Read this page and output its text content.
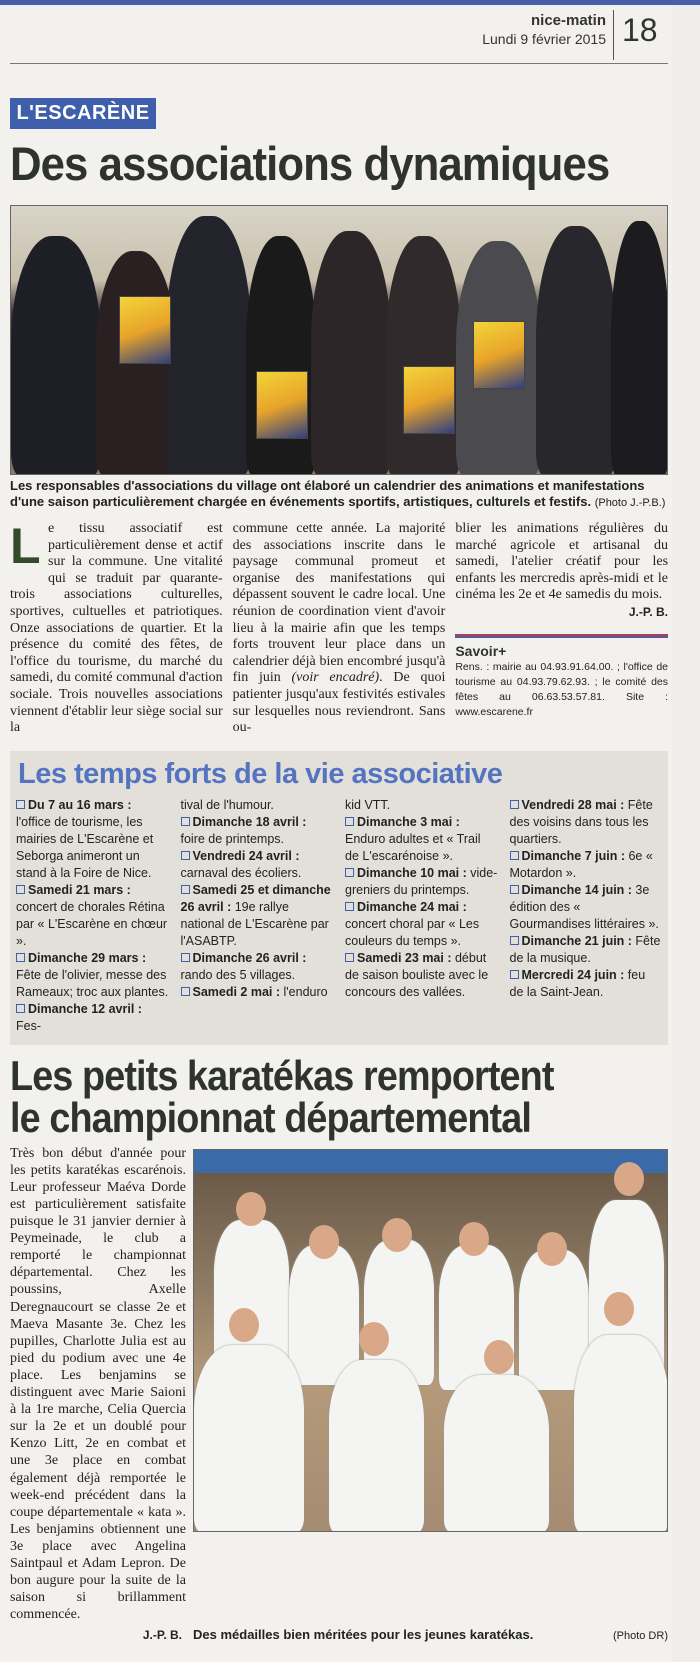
nice-matin
Lundi 9 février 2015 18
L'ESCARÈNE
Des associations dynamiques
Les responsables d'associations du village ont élaboré un calendrier des animations et manifestations d'une saison particulièrement chargée en événements sportifs, artistiques, culturels et festifs. (Photo J.-P.B.)
Le tissu associatif est particulièrement dense et actif sur la commune. Une vitalité qui se traduit par quarante-trois associations culturelles, sportives, cultuelles et patriotiques. Onze associations de quartier. Et la présence du comité des fêtes, de l'office du tourisme, du marché du samedi, du comité communal d'action sociale. Trois nouvelles associations viennent d'établir leur siège social sur la
commune cette année. La majorité des associations inscrite dans le paysage communal promeut et organise des manifestations qui dépassent souvent le cadre local. Une réunion de coordination vient d'avoir lieu à la mairie afin que les temps forts trouvent leur place dans un calendrier déjà bien encombré jusqu'à fin juin (voir encadré). De quoi patienter jusqu'aux festivités estivales sur lesquelles nous reviendront. Sans ou-
blier les animations régulières du marché agricole et artisanal du samedi, l'atelier créatif pour les enfants les mercredis après-midi et le cinéma les 2e et 4e samedis du mois.
J.-P. B.
Savoir+
Rens. : mairie au 04.93.91.64.00. ; l'office de tourisme au 04.93.79.62.93. ; le comité des fêtes au 06.63.53.57.81. Site : www.escarene.fr
Les temps forts de la vie associative
Du 7 au 16 mars : l'office de tourisme, les mairies de L'Escarène et Seborga animeront un stand à la Foire de Nice.
Samedi 21 mars : concert de chorales Rétina par « L'Escarène en chœur ».
Dimanche 29 mars : Fête de l'olivier, messe des Rameaux; troc aux plantes.
Dimanche 12 avril : Fes-
tival de l'humour.
Dimanche 18 avril : foire de printemps.
Vendredi 24 avril : carnaval des écoliers.
Samedi 25 et dimanche 26 avril : 19e rallye national de L'Escarène par l'ASABTP.
Dimanche 26 avril : rando des 5 villages.
Samedi 2 mai : l'enduro
kid VTT.
Dimanche 3 mai : Enduro adultes et « Trail de L'escarénoise ».
Dimanche 10 mai : vide-greniers du printemps.
Dimanche 24 mai : concert choral par « Les couleurs du temps ».
Samedi 23 mai : début de saison bouliste avec le concours des vallées.
Vendredi 28 mai : Fête des voisins dans tous les quartiers.
Dimanche 7 juin : 6e « Motardon ».
Dimanche 14 juin : 3e édition des « Gourmandises littéraires ».
Dimanche 21 juin : Fête de la musique.
Mercredi 24 juin : feu de la Saint-Jean.
Les petits karatékas remportent
le championnat départemental
Très bon début d'année pour les petits karatékas escarénois. Leur professeur Maéva Dorde est particulièrement satisfaite puisque le 31 janvier dernier à Peymeinade, le club a remporté le championnat départemental. Chez les poussins, Axelle Deregnaucourt se classe 2e et Maeva Masante 3e. Chez les pupilles, Charlotte Julia est au pied du podium avec une 4e place. Les benjamins se distinguent avec Marie Saioni à la 1re marche, Celia Quercia sur la 2e et un doublé pour Kenzo Litt, 2e en combat et une 3e place en combat également déjà remportée le week-end précédent dans la coupe départementale « kata ». Les benjamins obtiennent une 3e place avec Angelina Saintpaul et Adam Lepron. De bon augure pour la suite de la saison si brillamment commencée.
J.-P. B. Des médailles bien méritées pour les jeunes karatékas.	(Photo DR)
